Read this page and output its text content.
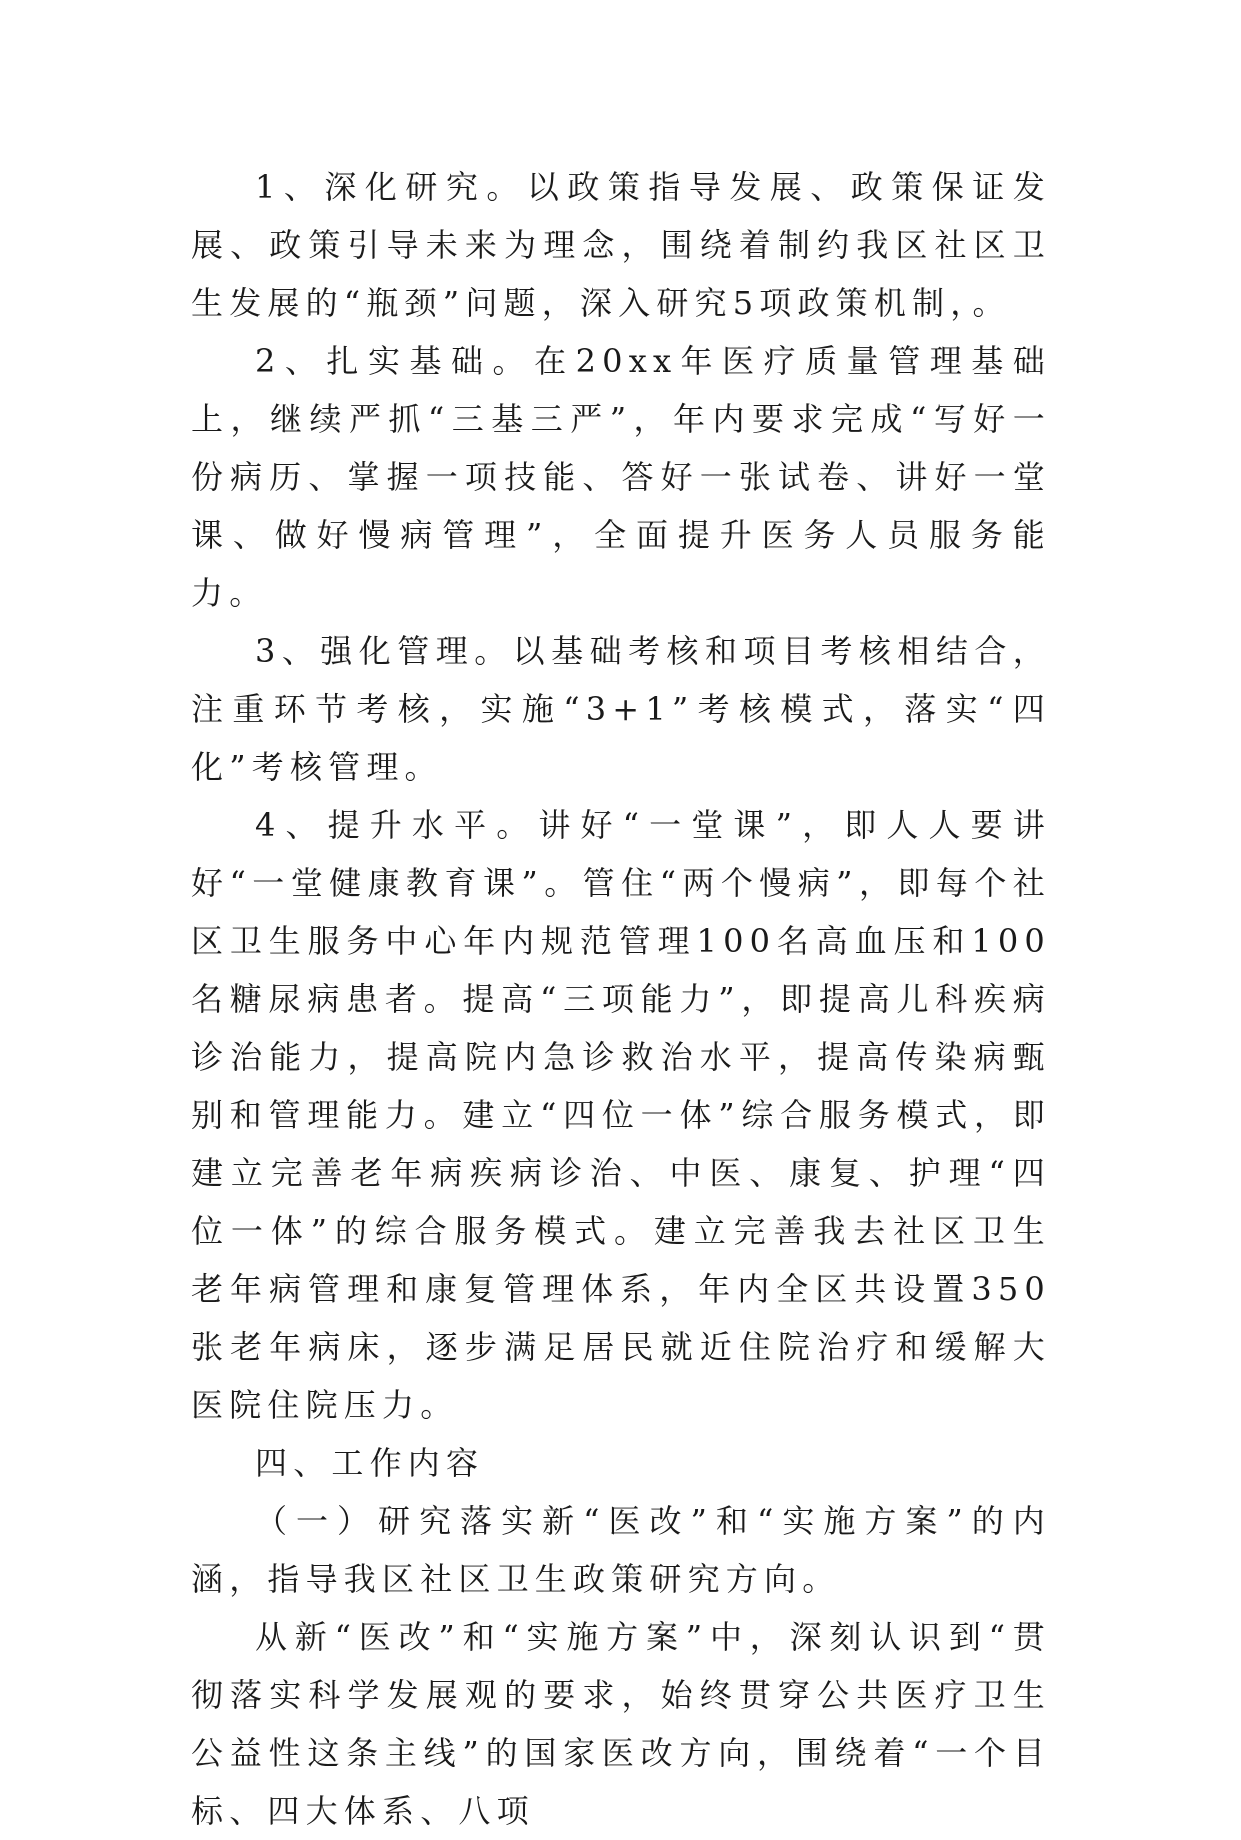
1、深化研究。以政策指导发展、政策保证发展、政策引导未来为理念，围绕着制约我区社区卫生发展的“瓶颈”问题，深入研究5项政策机制，。

2、扎实基础。在20xx年医疗质量管理基础上，继续严抓“三基三严”，年内要求完成“写好一份病历、掌握一项技能、答好一张试卷、讲好一堂课、做好慢病管理”，全面提升医务人员服务能力。

3、强化管理。以基础考核和项目考核相结合，注重环节考核，实施“3+1”考核模式，落实“四化”考核管理。

4、提升水平。讲好“一堂课”，即人人要讲好“一堂健康教育课”。管住“两个慢病”，即每个社区卫生服务中心年内规范管理100名高血压和100名糖尿病患者。提高“三项能力”，即提高儿科疾病诊治能力，提高院内急诊救治水平，提高传染病甄别和管理能力。建立“四位一体”综合服务模式，即建立完善老年病疾病诊治、中医、康复、护理“四位一体”的综合服务模式。建立完善我去社区卫生老年病管理和康复管理体系，年内全区共设置350张老年病床，逐步满足居民就近住院治疗和缓解大医院住院压力。

四、工作内容

（一）研究落实新“医改”和“实施方案”的内涵，指导我区社区卫生政策研究方向。

从新“医改”和“实施方案”中，深刻认识到“贯彻落实科学发展观的要求，始终贯穿公共医疗卫生公益性这条主线”的国家医改方向，围绕着“一个目标、四大体系、八项
